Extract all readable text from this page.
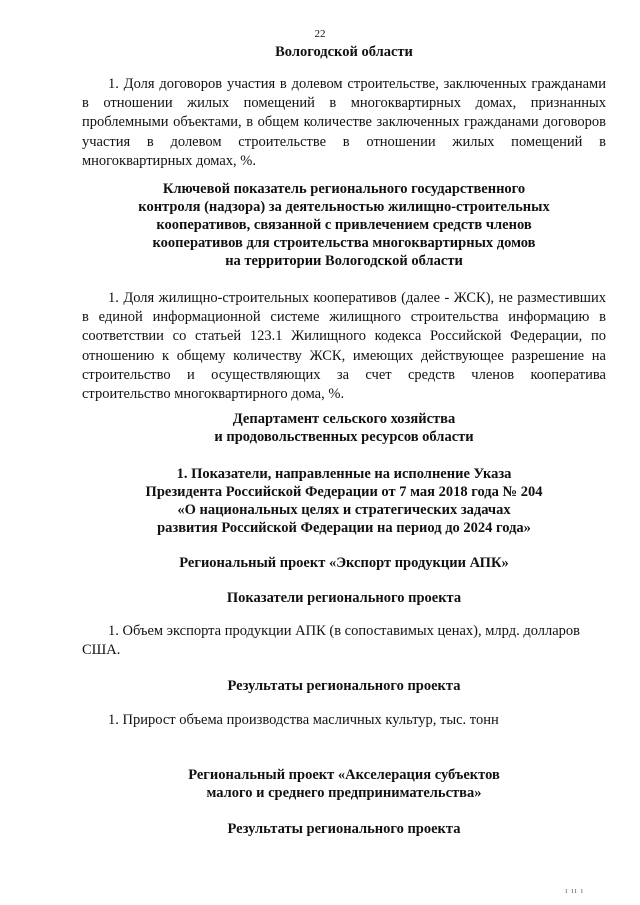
22

Вологодской области

1. Доля договоров участия в долевом строительстве, заключенных гражданами в отношении жилых помещений в многоквартирных домах, признанных проблемными объектами, в общем количестве заключенных гражданами договоров участия в долевом строительстве в отношении жилых помещений в многоквартирных домах, %.

Ключевой показатель регионального государственного

контроля (надзора) за деятельностью жилищно-строительных

кооперативов, связанной с привлечением средств членов

кооперативов для строительства многоквартирных домов

на территории Вологодской области

1. Доля жилищно-строительных кооперативов (далее - ЖСК), не разместивших в единой информационной системе жилищного строительства информацию в соответствии со статьей 123.1 Жилищного кодекса Российской Федерации, по отношению к общему количеству ЖСК, имеющих действующее разрешение на строительство и осуществляющих за счет средств членов кооператива строительство многоквартирного дома, %.

Департамент сельского хозяйства

и продовольственных ресурсов области

1. Показатели, направленные на исполнение Указа

Президента Российской Федерации от 7 мая 2018 года № 204

«О национальных целях и стратегических задачах

развития Российской Федерации на период до 2024 года»

Региональный проект «Экспорт продукции АПК»

Показатели регионального проекта

1. Объем экспорта продукции АПК (в сопоставимых ценах), млрд. долларов США.

Результаты регионального проекта

1. Прирост объема производства масличных культур, тыс. тонн

Региональный проект «Акселерация субъектов

малого и среднего предпринимательства»

Результаты регионального проекта

ı ıı ı
